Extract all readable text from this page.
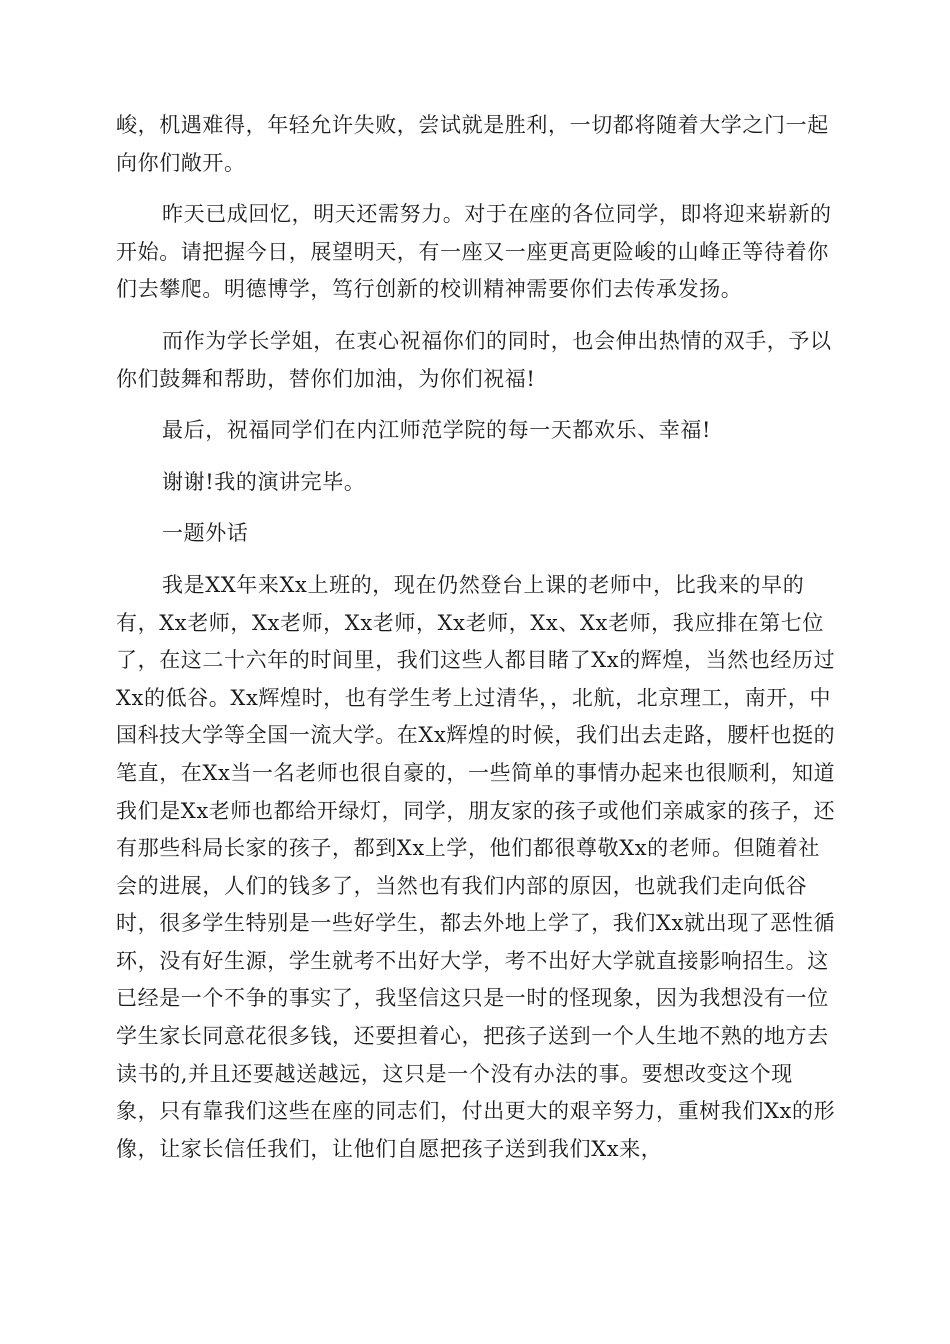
峻，机遇难得，年轻允许失败，尝试就是胜利，一切都将随着大学之门一起向你们敞开。

昨天已成回忆，明天还需努力。对于在座的各位同学，即将迎来崭新的开始。请把握今日，展望明天，有一座又一座更高更险峻的山峰正等待着你们去攀爬。明德博学，笃行创新的校训精神需要你们去传承发扬。

而作为学长学姐，在衷心祝福你们的同时，也会伸出热情的双手，予以你们鼓舞和帮助，替你们加油，为你们祝福!

最后，祝福同学们在内江师范学院的每一天都欢乐、幸福!

谢谢!我的演讲完毕。

一题外话

我是XX年来Xx上班的，现在仍然登台上课的老师中，比我来的早的有，Xx老师，Xx老师，Xx老师，Xx老师，Xx、Xx老师，我应排在第七位了，在这二十六年的时间里，我们这些人都目睹了Xx的辉煌，当然也经历过Xx的低谷。Xx辉煌时，也有学生考上过清华，，北航，北京理工，南开，中国科技大学等全国一流大学。在Xx辉煌的时候，我们出去走路，腰杆也挺的笔直，在Xx当一名老师也很自豪的，一些简单的事情办起来也很顺利，知道我们是Xx老师也都给开绿灯，同学，朋友家的孩子或他们亲戚家的孩子，还有那些科局长家的孩子，都到Xx上学，他们都很尊敬Xx的老师。但随着社会的进展，人们的钱多了，当然也有我们内部的原因，也就我们走向低谷时，很多学生特别是一些好学生，都去外地上学了，我们Xx就出现了恶性循环，没有好生源，学生就考不出好大学，考不出好大学就直接影响招生。这已经是一个不争的事实了，我坚信这只是一时的怪现象，因为我想没有一位学生家长同意花很多钱，还要担着心，把孩子送到一个人生地不熟的地方去读书的,并且还要越送越远，这只是一个没有办法的事。要想改变这个现象，只有靠我们这些在座的同志们，付出更大的艰辛努力，重树我们Xx的形像，让家长信任我们，让他们自愿把孩子送到我们Xx来，
